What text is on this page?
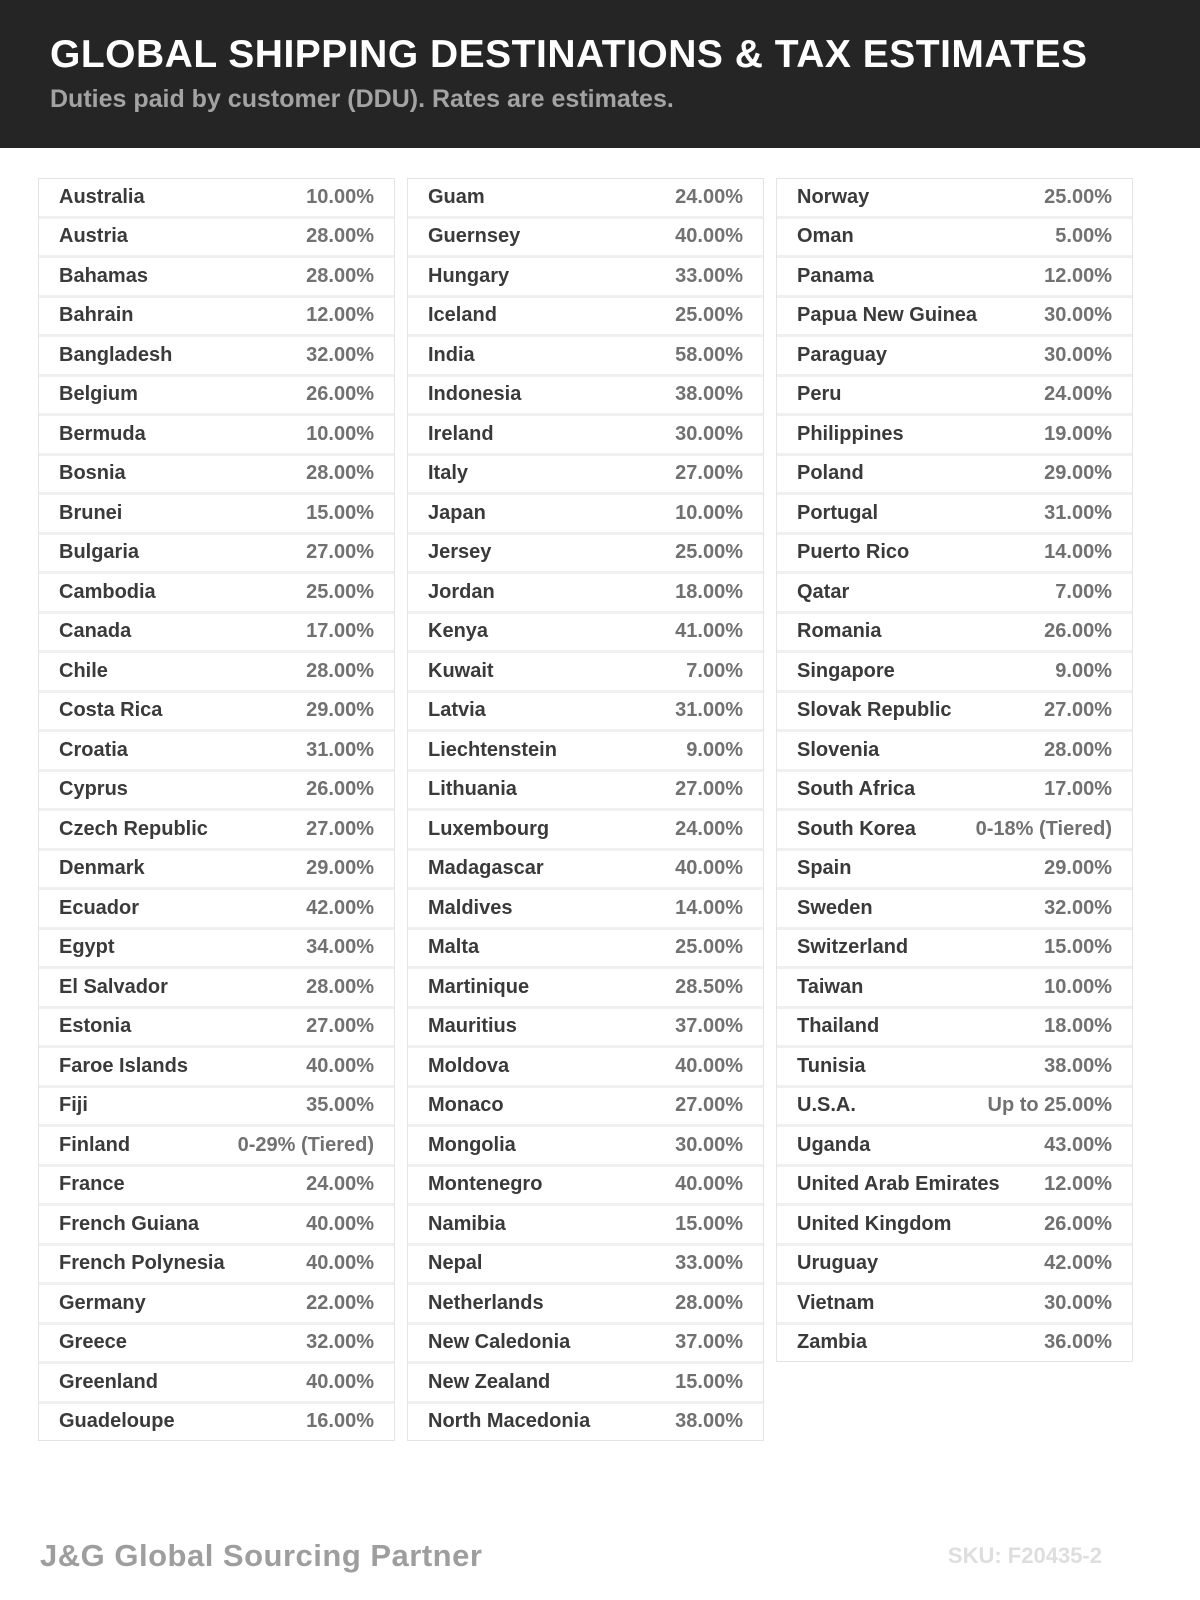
GLOBAL SHIPPING DESTINATIONS & TAX ESTIMATES
Duties paid by customer (DDU). Rates are estimates.
Australia	10.00%
Austria	28.00%
Bahamas	28.00%
Bahrain	12.00%
Bangladesh	32.00%
Belgium	26.00%
Bermuda	10.00%
Bosnia	28.00%
Brunei	15.00%
Bulgaria	27.00%
Cambodia	25.00%
Canada	17.00%
Chile	28.00%
Costa Rica	29.00%
Croatia	31.00%
Cyprus	26.00%
Czech Republic	27.00%
Denmark	29.00%
Ecuador	42.00%
Egypt	34.00%
El Salvador	28.00%
Estonia	27.00%
Faroe Islands	40.00%
Fiji	35.00%
Finland	0-29% (Tiered)
France	24.00%
French Guiana	40.00%
French Polynesia	40.00%
Germany	22.00%
Greece	32.00%
Greenland	40.00%
Guadeloupe	16.00%
Guam	24.00%
Guernsey	40.00%
Hungary	33.00%
Iceland	25.00%
India	58.00%
Indonesia	38.00%
Ireland	30.00%
Italy	27.00%
Japan	10.00%
Jersey	25.00%
Jordan	18.00%
Kenya	41.00%
Kuwait	7.00%
Latvia	31.00%
Liechtenstein	9.00%
Lithuania	27.00%
Luxembourg	24.00%
Madagascar	40.00%
Maldives	14.00%
Malta	25.00%
Martinique	28.50%
Mauritius	37.00%
Moldova	40.00%
Monaco	27.00%
Mongolia	30.00%
Montenegro	40.00%
Namibia	15.00%
Nepal	33.00%
Netherlands	28.00%
New Caledonia	37.00%
New Zealand	15.00%
North Macedonia	38.00%
Norway	25.00%
Oman	5.00%
Panama	12.00%
Papua New Guinea	30.00%
Paraguay	30.00%
Peru	24.00%
Philippines	19.00%
Poland	29.00%
Portugal	31.00%
Puerto Rico	14.00%
Qatar	7.00%
Romania	26.00%
Singapore	9.00%
Slovak Republic	27.00%
Slovenia	28.00%
South Africa	17.00%
South Korea	0-18% (Tiered)
Spain	29.00%
Sweden	32.00%
Switzerland	15.00%
Taiwan	10.00%
Thailand	18.00%
Tunisia	38.00%
U.S.A.	Up to 25.00%
Uganda	43.00%
United Arab Emirates 12.00%
United Kingdom	26.00%
Uruguay	42.00%
Vietnam	30.00%
Zambia	36.00%
J&G Global Sourcing Partner	SKU: F20435-2
